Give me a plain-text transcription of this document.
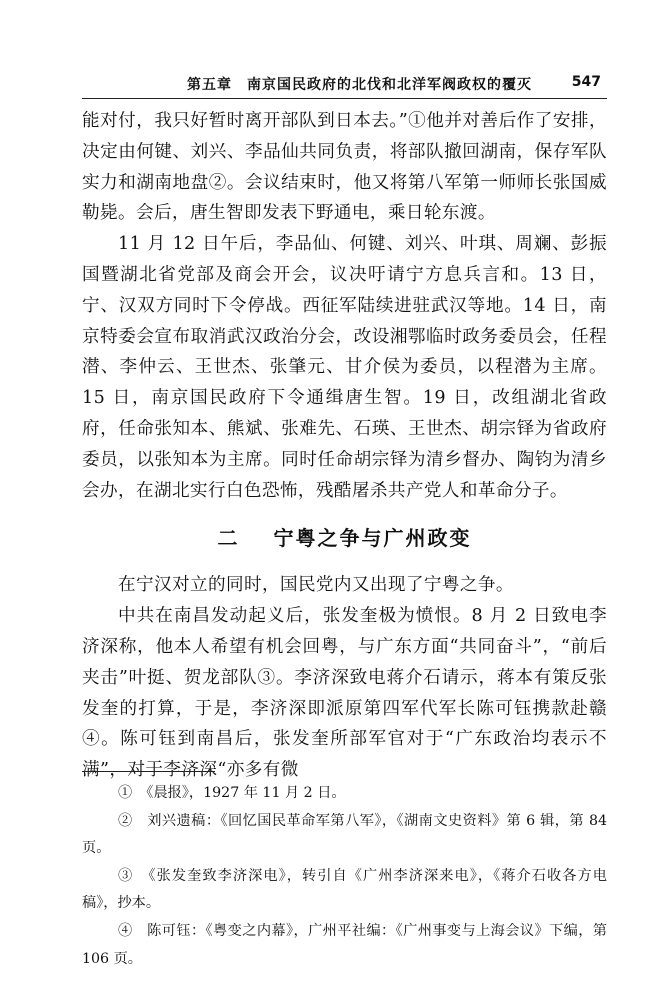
第五章　南京国民政府的北伐和北洋军阀政权的覆灭	547

能对付，我只好暂时离开部队到日本去。”①他并对善后作了安排，决定由何键、刘兴、李品仙共同负责，将部队撤回湖南，保存军队实力和湖南地盘②。会议结束时，他又将第八军第一师师长张国威勒毙。会后，唐生智即发表下野通电，乘日轮东渡。

11 月 12 日午后，李品仙、何键、刘兴、叶琪、周斓、彭振国暨湖北省党部及商会开会，议决吁请宁方息兵言和。13 日，宁、汉双方同时下令停战。西征军陆续进驻武汉等地。14 日，南京特委会宣布取消武汉政治分会，改设湘鄂临时政务委员会，任程潜、李仲云、王世杰、张肇元、甘介侯为委员，以程潜为主席。15 日，南京国民政府下令通缉唐生智。19 日，改组湖北省政府，任命张知本、熊斌、张难先、石瑛、王世杰、胡宗铎为省政府委员，以张知本为主席。同时任命胡宗铎为清乡督办、陶钧为清乡会办，在湖北实行白色恐怖，残酷屠杀共产党人和革命分子。

二 宁粤之争与广州政变

在宁汉对立的同时，国民党内又出现了宁粤之争。

中共在南昌发动起义后，张发奎极为愤恨。8 月 2 日致电李济深称，他本人希望有机会回粤，与广东方面“共同奋斗”，“前后夹击”叶挺、贺龙部队③。李济深致电蒋介石请示，蒋本有策反张发奎的打算，于是，李济深即派原第四军代军长陈可钰携款赴赣④。陈可钰到南昌后，张发奎所部军官对于“广东政治均表示不满”，对于李济深“亦多有微

①　《晨报》，1927 年 11 月 2 日。

②　刘兴遗稿：《回忆国民革命军第八军》，《湖南文史资料》第 6 辑，第 84 页。

③　《张发奎致李济深电》，转引自《广州李济深来电》，《蒋介石收各方电稿》，抄本。

④　陈可钰：《粤变之内幕》，广州平社编：《广州事变与上海会议》下编，第 106 页。
